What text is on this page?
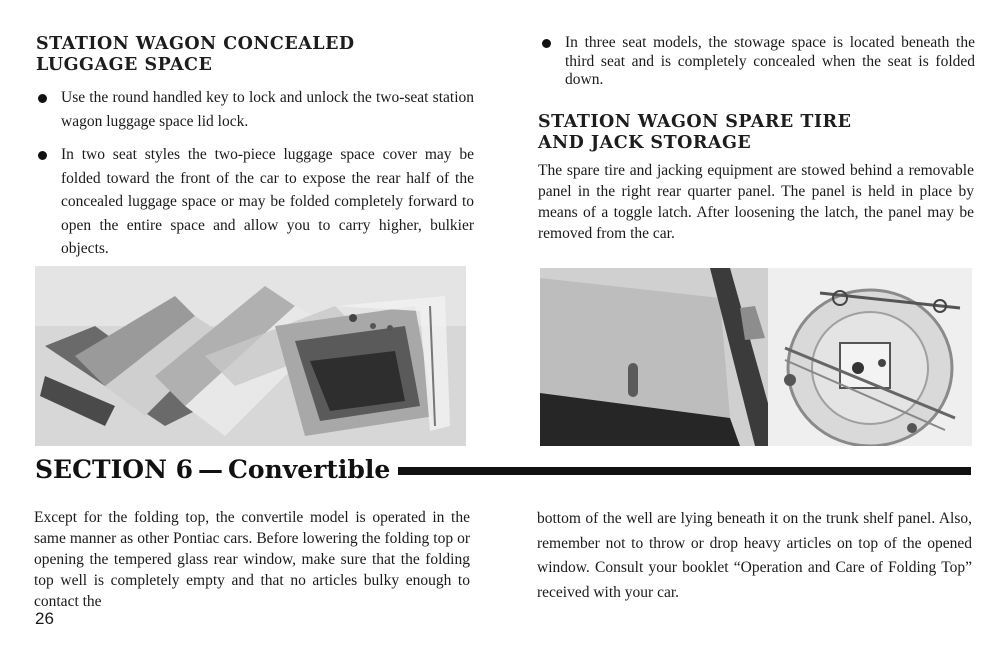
STATION WAGON CONCEALED
LUGGAGE SPACE
Use the round handled key to lock and unlock the two-seat station wagon luggage space lid lock.
In two seat styles the two-piece luggage space cover may be folded toward the front of the car to expose the rear half of the concealed luggage space or may be folded completely forward to open the entire space and allow you to carry higher, bulkier objects.
In three seat models, the stowage space is located beneath the third seat and is completely concealed when the seat is folded down.
STATION WAGON SPARE TIRE
AND JACK STORAGE

The spare tire and jacking equipment are stowed behind a removable panel in the right rear quarter panel. The panel is held in place by means of a toggle latch. After loosening the latch, the panel may be removed from the car.

SECTION 6 — Convertible

Except for the folding top, the convertile model is operated in the same manner as other Pontiac cars. Before lowering the folding top or opening the tempered glass rear window, make sure that the folding top well is completely empty and that no articles bulky enough to contact the

bottom of the well are lying beneath it on the trunk shelf panel. Also, remember not to throw or drop heavy articles on top of the opened window. Consult your booklet “Operation and Care of Folding Top” received with your car.

26
